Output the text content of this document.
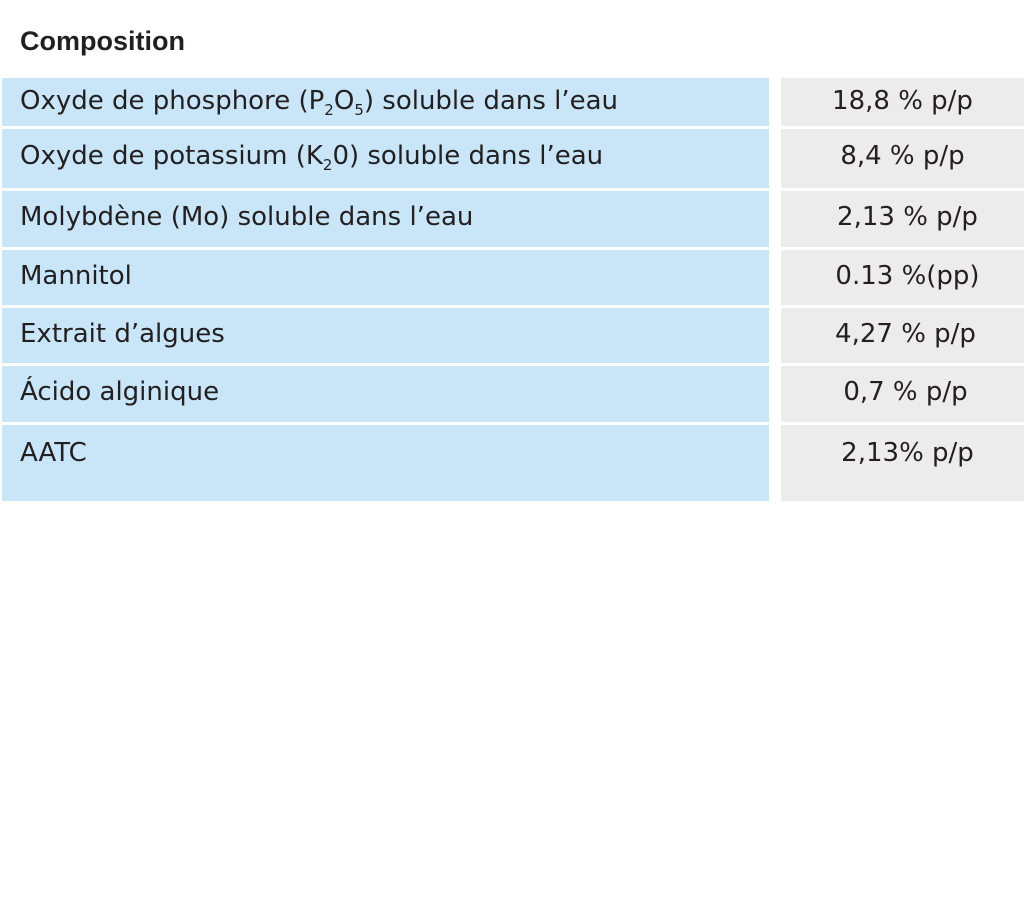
Composition
Oxyde de phosphore $(P_2O_5)$ soluble dans l’eau	18,8 % p/p
Oxyde de potassium $(K_20)$ soluble dans l’eau	8,4 % p/p
Molybdène (Mo) soluble dans l’eau	2,13 % p/p
Mannitol	0.13 %(pp)
Extrait d’algues	4,27 % p/p
Ácido alginique	0,7 % p/p
AATC	2,13% p/p
